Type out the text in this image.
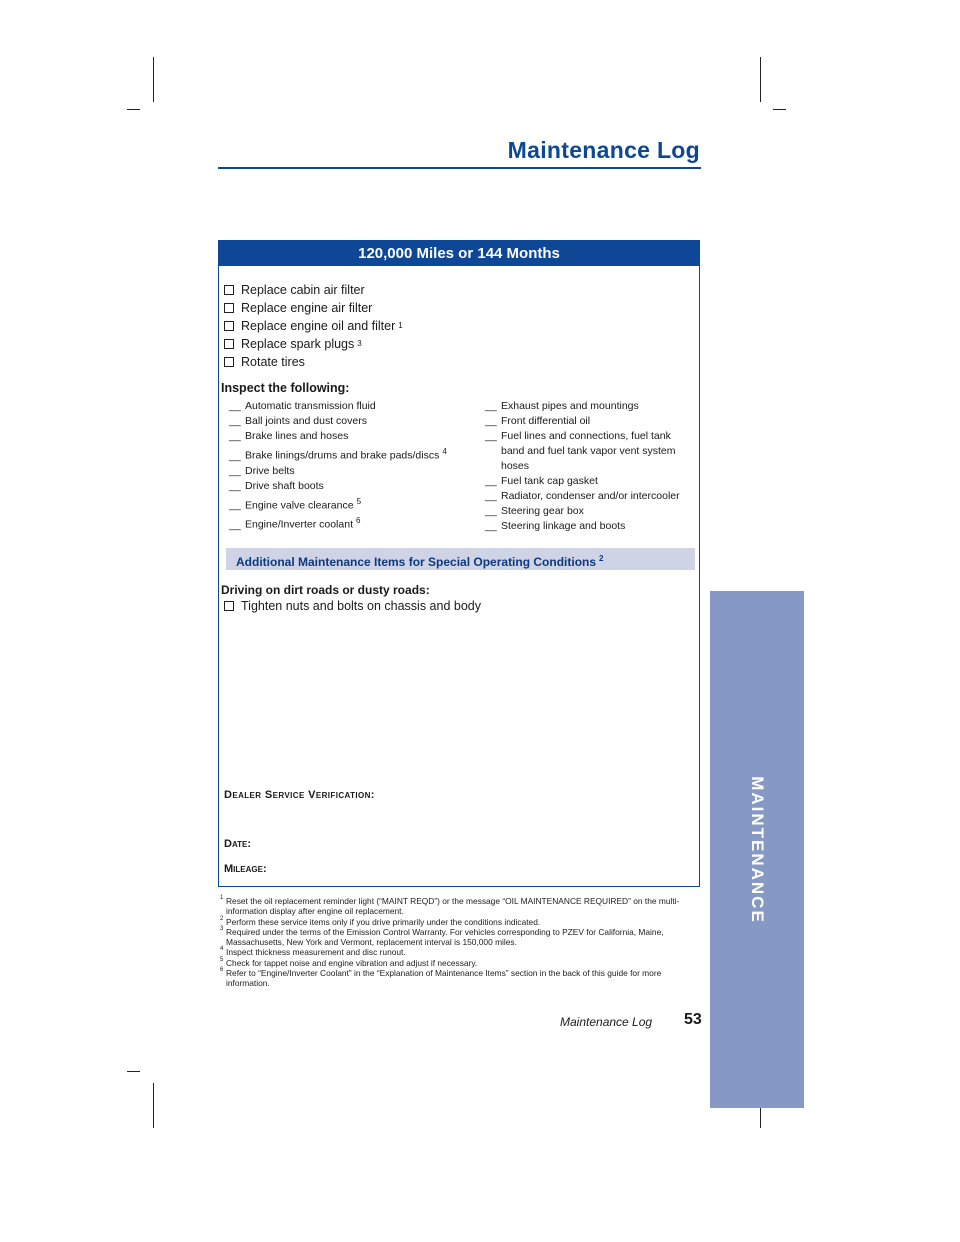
Maintenance Log
MAINTENANCE
120,000 Miles or 144 Months
Replace cabin air filter
Replace engine air filter
Replace engine oil and filter 1
Replace spark plugs 3
Rotate tires
Inspect the following:
__ Automatic transmission fluid
__ Ball joints and dust covers
__ Brake lines and hoses
__ Brake linings/drums and brake pads/discs $^4$
__ Drive belts
__ Drive shaft boots
__ Engine valve clearance $^5$
__ Engine/Inverter coolant $^6$
__ Exhaust pipes and mountings
__ Front differential oil
__ Fuel lines and connections, fuel tank band and fuel tank vapor vent system hoses
__ Fuel tank cap gasket
__ Radiator, condenser and/or intercooler
__ Steering gear box
__ Steering linkage and boots
Additional Maintenance Items for Special Operating Conditions $^2$
Driving on dirt roads or dusty roads:
Tighten nuts and bolts on chassis and body
Dealer Service Verification:
Date:
Mileage:
1 Reset the oil replacement reminder light (“MAINT REQD”) or the message “OIL MAINTENANCE REQUIRED” on the multi-information display after engine oil replacement.
2 Perform these service items only if you drive primarily under the conditions indicated.
3 Required under the terms of the Emission Control Warranty. For vehicles corresponding to PZEV for California, Maine, Massachusetts, New York and Vermont, replacement interval is 150,000 miles.
4 Inspect thickness measurement and disc runout.
5 Check for tappet noise and engine vibration and adjust if necessary.
6 Refer to “Engine/Inverter Coolant” in the “Explanation of Maintenance Items” section in the back of this guide for more information.
Maintenance Log 53
